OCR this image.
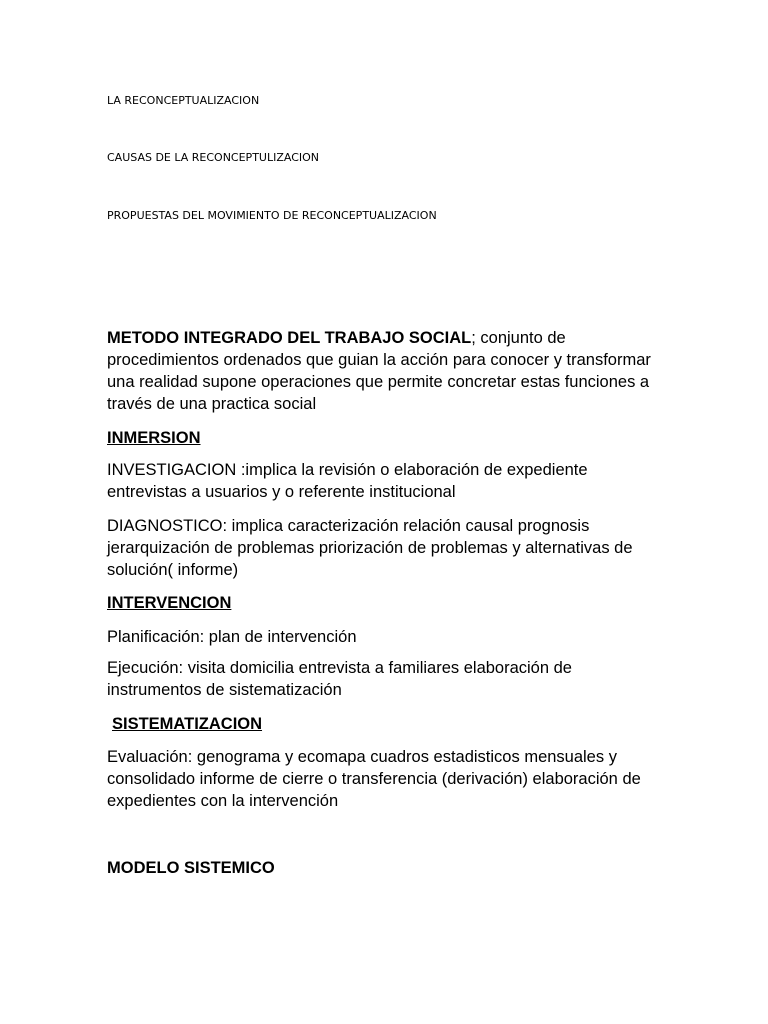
LA RECONCEPTUALIZACION
CAUSAS DE LA RECONCEPTULIZACION
PROPUESTAS DEL MOVIMIENTO DE RECONCEPTUALIZACION

METODO INTEGRADO DEL TRABAJO SOCIAL; conjunto de procedimientos ordenados que guian la acción para conocer y transformar una realidad supone operaciones que permite concretar estas funciones a través de una practica social

INMERSION
INVESTIGACION :implica la revisión o elaboración de expediente entrevistas a usuarios y o referente institucional
DIAGNOSTICO: implica caracterización relación causal prognosis jerarquización de problemas priorización de problemas y alternativas de solución( informe)
INTERVENCION
Planificación: plan de intervención
Ejecución: visita domicilia entrevista a familiares elaboración de instrumentos de sistematización
SISTEMATIZACION
Evaluación: genograma y ecomapa cuadros estadisticos mensuales y consolidado informe de cierre o transferencia (derivación) elaboración de expedientes con la intervención
MODELO SISTEMICO
